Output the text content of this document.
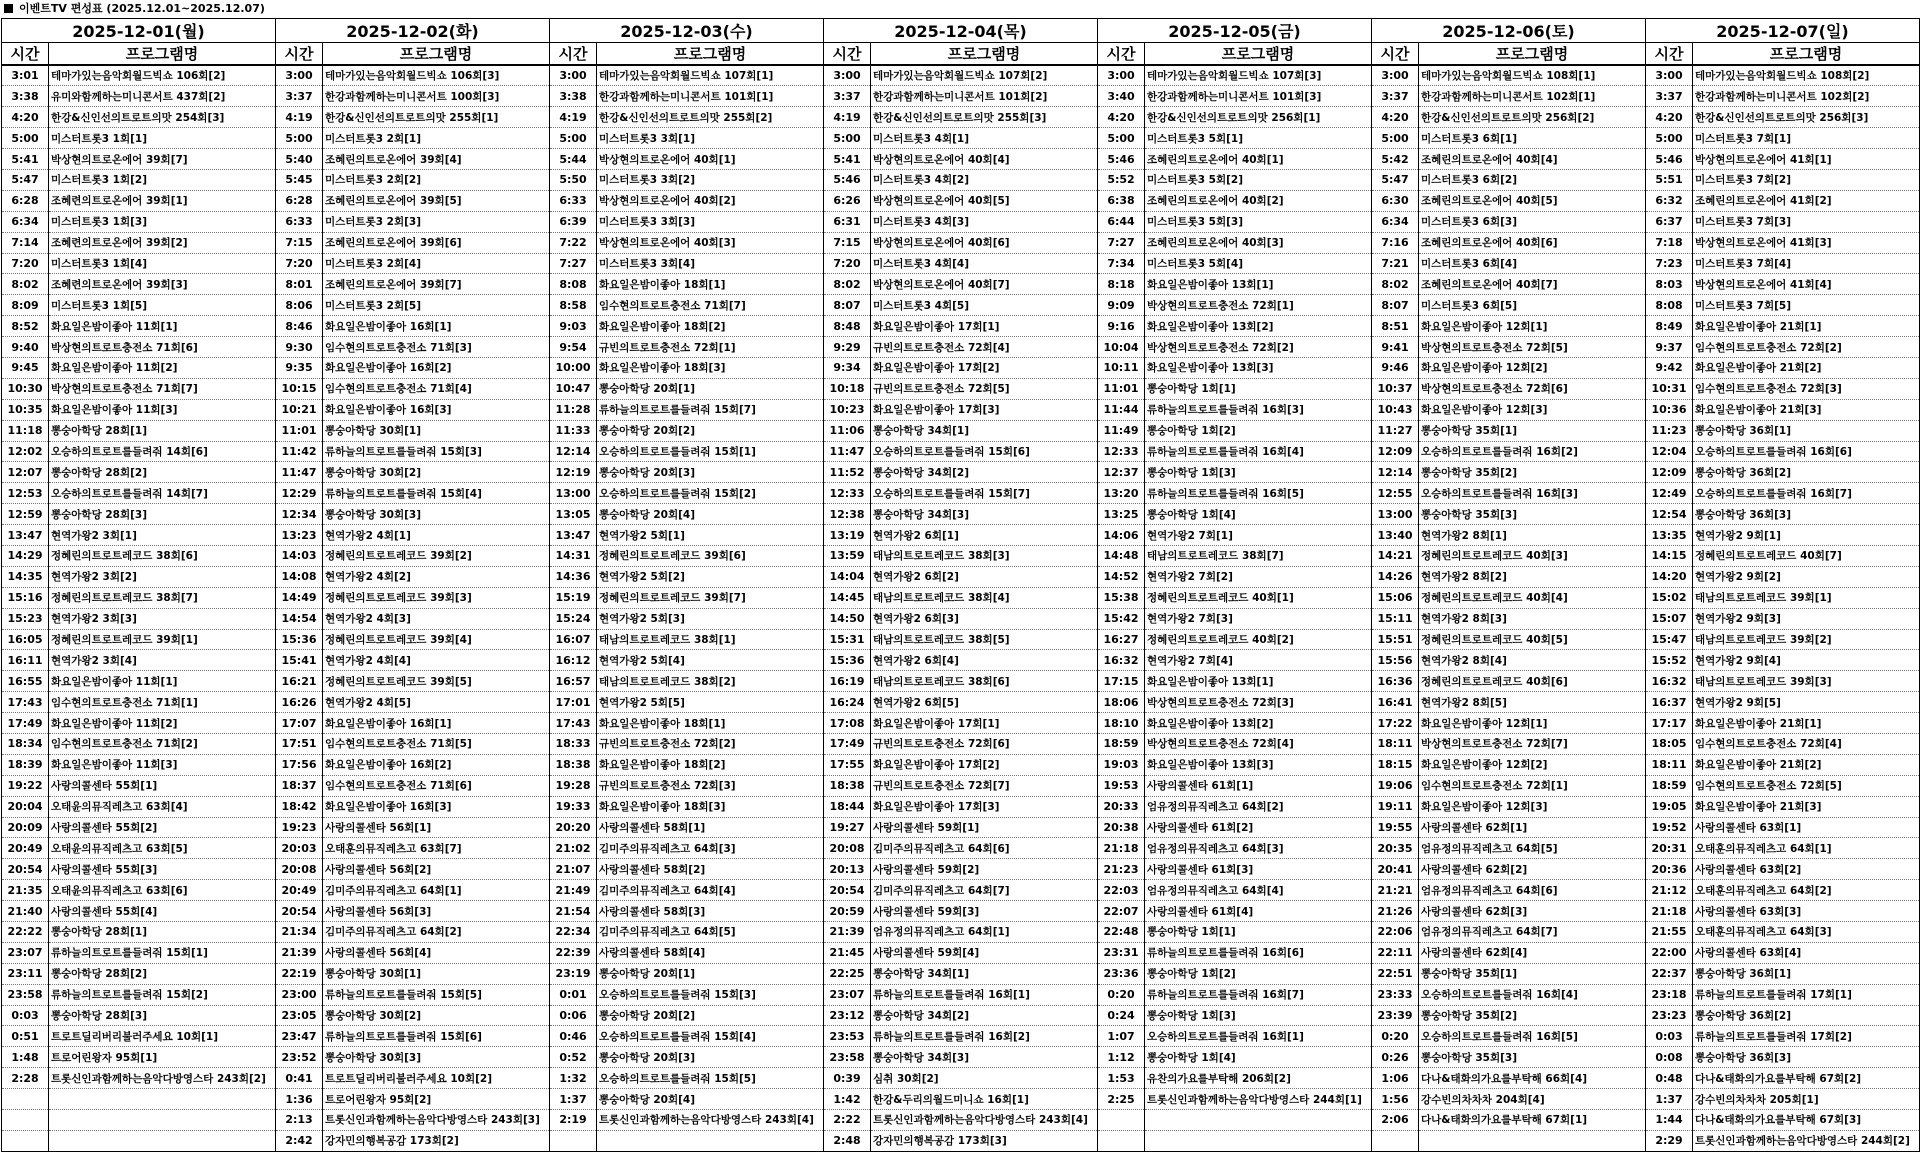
이벤트TV 편성표 (2025.12.01~2025.12.07)
2025-12-01(월)		2025-12-02(화)		2025-12-03(수)		2025-12-04(목)		2025-12-05(금)		2025-12-06(토)		2025-12-07(일)	
시간	프로그램명	시간	프로그램명	시간	프로그램명	시간	프로그램명	시간	프로그램명	시간	프로그램명	시간	프로그램명
3:01	테마가있는음악회월드빅쇼 106회[2]	3:00	테마가있는음악회월드빅쇼 106회[3]	3:00	테마가있는음악회월드빅쇼 107회[1]	3:00	테마가있는음악회월드빅쇼 107회[2]	3:00	테마가있는음악회월드빅쇼 107회[3]	3:00	테마가있는음악회월드빅쇼 108회[1]	3:00	테마가있는음악회월드빅쇼 108회[2]
3:38	유미와함께하는미니콘서트 437회[2]	3:37	한강과함께하는미니콘서트 100회[3]	3:38	한강과함께하는미니콘서트 101회[1]	3:37	한강과함께하는미니콘서트 101회[2]	3:40	한강과함께하는미니콘서트 101회[3]	3:37	한강과함께하는미니콘서트 102회[1]	3:37	한강과함께하는미니콘서트 102회[2]
4:20	한강&신인선의트로트의맛 254회[3]	4:19	한강&신인선의트로트의맛 255회[1]	4:19	한강&신인선의트로트의맛 255회[2]	4:19	한강&신인선의트로트의맛 255회[3]	4:20	한강&신인선의트로트의맛 256회[1]	4:20	한강&신인선의트로트의맛 256회[2]	4:20	한강&신인선의트로트의맛 256회[3]
5:00	미스터트롯3 1회[1]	5:00	미스터트롯3 2회[1]	5:00	미스터트롯3 3회[1]	5:00	미스터트롯3 4회[1]	5:00	미스터트롯3 5회[1]	5:00	미스터트롯3 6회[1]	5:00	미스터트롯3 7회[1]
5:41	박상현의트로온에어 39회[7]	5:40	조혜린의트로온에어 39회[4]	5:44	박상현의트로온에어 40회[1]	5:41	박상현의트로온에어 40회[4]	5:46	조혜린의트로온에어 40회[1]	5:42	조혜린의트로온에어 40회[4]	5:46	박상현의트로온에어 41회[1]
5:47	미스터트롯3 1회[2]	5:45	미스터트롯3 2회[2]	5:50	미스터트롯3 3회[2]	5:46	미스터트롯3 4회[2]	5:52	미스터트롯3 5회[2]	5:47	미스터트롯3 6회[2]	5:51	미스터트롯3 7회[2]
6:28	조혜련의트로온에어 39회[1]	6:28	조혜린의트로온에어 39회[5]	6:33	박상현의트로온에어 40회[2]	6:26	박상현의트로온에어 40회[5]	6:38	조혜린의트로온에어 40회[2]	6:30	조혜린의트로온에어 40회[5]	6:32	조혜린의트로온에어 41회[2]
6:34	미스터트롯3 1회[3]	6:33	미스터트롯3 2회[3]	6:39	미스터트롯3 3회[3]	6:31	미스터트롯3 4회[3]	6:44	미스터트롯3 5회[3]	6:34	미스터트롯3 6회[3]	6:37	미스터트롯3 7회[3]
7:14	조혜련의트로온에어 39회[2]	7:15	조혜린의트로온에어 39회[6]	7:22	박상현의트로온에어 40회[3]	7:15	박상현의트로온에어 40회[6]	7:27	조혜린의트로온에어 40회[3]	7:16	조혜린의트로온에어 40회[6]	7:18	박상현의트로온에어 41회[3]
7:20	미스터트롯3 1회[4]	7:20	미스터트롯3 2회[4]	7:27	미스터트롯3 3회[4]	7:20	미스터트롯3 4회[4]	7:34	미스터트롯3 5회[4]	7:21	미스터트롯3 6회[4]	7:23	미스터트롯3 7회[4]
8:02	조혜련의트로온에어 39회[3]	8:01	조혜린의트로온에어 39회[7]	8:08	화요일은밤이좋아 18회[1]	8:02	박상현의트로온에어 40회[7]	8:18	화요일은밤이좋아 13회[1]	8:02	조혜린의트로온에어 40회[7]	8:03	박상현의트로온에어 41회[4]
8:09	미스터트롯3 1회[5]	8:06	미스터트롯3 2회[5]	8:58	임수현의트로트충전소 71회[7]	8:07	미스터트롯3 4회[5]	9:09	박상현의트로트충전소 72회[1]	8:07	미스터트롯3 6회[5]	8:08	미스터트롯3 7회[5]
8:52	화요일은밤이좋아 11회[1]	8:46	화요일은밤이좋아 16회[1]	9:03	화요일은밤이좋아 18회[2]	8:48	화요일은밤이좋아 17회[1]	9:16	화요일은밤이좋아 13회[2]	8:51	화요일은밤이좋아 12회[1]	8:49	화요일은밤이좋아 21회[1]
9:40	박상현의트로트충전소 71회[6]	9:30	임수현의트로트충전소 71회[3]	9:54	규빈의트로트충전소 72회[1]	9:29	규빈의트로트충전소 72회[4]	10:04	박상현의트로트충전소 72회[2]	9:41	박상현의트로트충전소 72회[5]	9:37	임수현의트로트충전소 72회[2]
9:45	화요일은밤이좋아 11회[2]	9:35	화요일은밤이좋아 16회[2]	10:00	화요일은밤이좋아 18회[3]	9:34	화요일은밤이좋아 17회[2]	10:11	화요일은밤이좋아 13회[3]	9:46	화요일은밤이좋아 12회[2]	9:42	화요일은밤이좋아 21회[2]
10:30	박상현의트로트충전소 71회[7]	10:15	임수현의트로트충전소 71회[4]	10:47	뽕숭아학당 20회[1]	10:18	규빈의트로트충전소 72회[5]	11:01	뽕숭아학당 1회[1]	10:37	박상현의트로트충전소 72회[6]	10:31	임수현의트로트충전소 72회[3]
10:35	화요일은밤이좋아 11회[3]	10:21	화요일은밤이좋아 16회[3]	11:28	류하늘의트로트를들려줘 15회[7]	10:23	화요일은밤이좋아 17회[3]	11:44	류하늘의트로트를들려줘 16회[3]	10:43	화요일은밤이좋아 12회[3]	10:36	화요일은밤이좋아 21회[3]
11:18	뽕숭아학당 28회[1]	11:01	뽕숭아학당 30회[1]	11:33	뽕숭아학당 20회[2]	11:06	뽕숭아학당 34회[1]	11:49	뽕숭아학당 1회[2]	11:27	뽕숭아학당 35회[1]	11:23	뽕숭아학당 36회[1]
12:02	오승하의트로트를들려줘 14회[6]	11:42	류하늘의트로트를들려줘 15회[3]	12:14	오승하의트로트를들려줘 15회[1]	11:47	오승하의트로트를들려줘 15회[6]	12:33	류하늘의트로트를들려줘 16회[4]	12:09	오승하의트로트를들려줘 16회[2]	12:04	오승하의트로트를들려줘 16회[6]
12:07	뽕숭아학당 28회[2]	11:47	뽕숭아학당 30회[2]	12:19	뽕숭아학당 20회[3]	11:52	뽕숭아학당 34회[2]	12:37	뽕숭아학당 1회[3]	12:14	뽕숭아학당 35회[2]	12:09	뽕숭아학당 36회[2]
12:53	오승하의트로트를들려줘 14회[7]	12:29	류하늘의트로트를들려줘 15회[4]	13:00	오승하의트로트를들려줘 15회[2]	12:33	오승하의트로트를들려줘 15회[7]	13:20	류하늘의트로트를들려줘 16회[5]	12:55	오승하의트로트를들려줘 16회[3]	12:49	오승하의트로트를들려줘 16회[7]
12:59	뽕숭아학당 28회[3]	12:34	뽕숭아학당 30회[3]	13:05	뽕숭아학당 20회[4]	12:38	뽕숭아학당 34회[3]	13:25	뽕숭아학당 1회[4]	13:00	뽕숭아학당 35회[3]	12:54	뽕숭아학당 36회[3]
13:47	현역가왕2 3회[1]	13:23	현역가왕2 4회[1]	13:47	현역가왕2 5회[1]	13:19	현역가왕2 6회[1]	14:06	현역가왕2 7회[1]	13:40	현역가왕2 8회[1]	13:35	현역가왕2 9회[1]
14:29	정혜린의트로트레코드 38회[6]	14:03	정혜린의트로트레코드 39회[2]	14:31	정혜린의트로트레코드 39회[6]	13:59	태남의트로트레코드 38회[3]	14:48	태남의트로트레코드 38회[7]	14:21	정혜린의트로트레코드 40회[3]	14:15	정혜린의트로트레코드 40회[7]
14:35	현역가왕2 3회[2]	14:08	현역가왕2 4회[2]	14:36	현역가왕2 5회[2]	14:04	현역가왕2 6회[2]	14:52	현역가왕2 7회[2]	14:26	현역가왕2 8회[2]	14:20	현역가왕2 9회[2]
15:16	정혜린의트로트레코드 38회[7]	14:49	정혜린의트로트레코드 39회[3]	15:19	정혜린의트로트레코드 39회[7]	14:45	태남의트로트레코드 38회[4]	15:38	정혜린의트로트레코드 40회[1]	15:06	정혜린의트로트레코드 40회[4]	15:02	태남의트로트레코드 39회[1]
15:23	현역가왕2 3회[3]	14:54	현역가왕2 4회[3]	15:24	현역가왕2 5회[3]	14:50	현역가왕2 6회[3]	15:42	현역가왕2 7회[3]	15:11	현역가왕2 8회[3]	15:07	현역가왕2 9회[3]
16:05	정혜린의트로트레코드 39회[1]	15:36	정혜린의트로트레코드 39회[4]	16:07	태남의트로트레코드 38회[1]	15:31	태남의트로트레코드 38회[5]	16:27	정혜린의트로트레코드 40회[2]	15:51	정혜린의트로트레코드 40회[5]	15:47	태남의트로트레코드 39회[2]
16:11	현역가왕2 3회[4]	15:41	현역가왕2 4회[4]	16:12	현역가왕2 5회[4]	15:36	현역가왕2 6회[4]	16:32	현역가왕2 7회[4]	15:56	현역가왕2 8회[4]	15:52	현역가왕2 9회[4]
16:55	화요일은밤이좋아 11회[1]	16:21	정혜린의트로트레코드 39회[5]	16:57	태남의트로트레코드 38회[2]	16:19	태남의트로트레코드 38회[6]	17:15	화요일은밤이좋아 13회[1]	16:36	정혜린의트로트레코드 40회[6]	16:32	태남의트로트레코드 39회[3]
17:43	임수현의트로트충전소 71회[1]	16:26	현역가왕2 4회[5]	17:01	현역가왕2 5회[5]	16:24	현역가왕2 6회[5]	18:06	박상현의트로트충전소 72회[3]	16:41	현역가왕2 8회[5]	16:37	현역가왕2 9회[5]
17:49	화요일은밤이좋아 11회[2]	17:07	화요일은밤이좋아 16회[1]	17:43	화요일은밤이좋아 18회[1]	17:08	화요일은밤이좋아 17회[1]	18:10	화요일은밤이좋아 13회[2]	17:22	화요일은밤이좋아 12회[1]	17:17	화요일은밤이좋아 21회[1]
18:34	임수현의트로트충전소 71회[2]	17:51	임수현의트로트충전소 71회[5]	18:33	규빈의트로트충전소 72회[2]	17:49	규빈의트로트충전소 72회[6]	18:59	박상현의트로트충전소 72회[4]	18:11	박상현의트로트충전소 72회[7]	18:05	임수현의트로트충전소 72회[4]
18:39	화요일은밤이좋아 11회[3]	17:56	화요일은밤이좋아 16회[2]	18:38	화요일은밤이좋아 18회[2]	17:55	화요일은밤이좋아 17회[2]	19:03	화요일은밤이좋아 13회[3]	18:15	화요일은밤이좋아 12회[2]	18:11	화요일은밤이좋아 21회[2]
19:22	사랑의콜센타 55회[1]	18:37	임수현의트로트충전소 71회[6]	19:28	규빈의트로트충전소 72회[3]	18:38	규빈의트로트충전소 72회[7]	19:53	사랑의콜센타 61회[1]	19:06	임수현의트로트충전소 72회[1]	18:59	임수현의트로트충전소 72회[5]
20:04	오태윤의뮤직레츠고 63회[4]	18:42	화요일은밤이좋아 16회[3]	19:33	화요일은밤이좋아 18회[3]	18:44	화요일은밤이좋아 17회[3]	20:33	엄유정의뮤직레츠고 64회[2]	19:11	화요일은밤이좋아 12회[3]	19:05	화요일은밤이좋아 21회[3]
20:09	사랑의콜센타 55회[2]	19:23	사랑의콜센타 56회[1]	20:20	사랑의콜센타 58회[1]	19:27	사랑의콜센타 59회[1]	20:38	사랑의콜센타 61회[2]	19:55	사랑의콜센타 62회[1]	19:52	사랑의콜센타 63회[1]
20:49	오태윤의뮤직레츠고 63회[5]	20:03	오태훈의뮤직레츠고 63회[7]	21:02	김미주의뮤직레츠고 64회[3]	20:08	김미주의뮤직레츠고 64회[6]	21:18	엄유정의뮤직레츠고 64회[3]	20:35	엄유정의뮤직레츠고 64회[5]	20:31	오태훈의뮤직레츠고 64회[1]
20:54	사랑의콜센타 55회[3]	20:08	사랑의콜센타 56회[2]	21:07	사랑의콜센타 58회[2]	20:13	사랑의콜센타 59회[2]	21:23	사랑의콜센타 61회[3]	20:41	사랑의콜센타 62회[2]	20:36	사랑의콜센타 63회[2]
21:35	오태윤의뮤직레츠고 63회[6]	20:49	김미주의뮤직레츠고 64회[1]	21:49	김미주의뮤직레츠고 64회[4]	20:54	김미주의뮤직레츠고 64회[7]	22:03	엄유정의뮤직레츠고 64회[4]	21:21	엄유정의뮤직레츠고 64회[6]	21:12	오태훈의뮤직레츠고 64회[2]
21:40	사랑의콜센타 55회[4]	20:54	사랑의콜센타 56회[3]	21:54	사랑의콜센타 58회[3]	20:59	사랑의콜센타 59회[3]	22:07	사랑의콜센타 61회[4]	21:26	사랑의콜센타 62회[3]	21:18	사랑의콜센타 63회[3]
22:22	뽕숭아학당 28회[1]	21:34	김미주의뮤직레츠고 64회[2]	22:34	김미주의뮤직레츠고 64회[5]	21:39	엄유정의뮤직레츠고 64회[1]	22:48	뽕숭아학당 1회[1]	22:06	엄유정의뮤직레츠고 64회[7]	21:55	오태훈의뮤직레츠고 64회[3]
23:07	류하늘의트로트를들려줘 15회[1]	21:39	사랑의콜센타 56회[4]	22:39	사랑의콜센타 58회[4]	21:45	사랑의콜센타 59회[4]	23:31	류하늘의트로트를들려줘 16회[6]	22:11	사랑의콜센타 62회[4]	22:00	사랑의콜센타 63회[4]
23:11	뽕숭아학당 28회[2]	22:19	뽕숭아학당 30회[1]	23:19	뽕숭아학당 20회[1]	22:25	뽕숭아학당 34회[1]	23:36	뽕숭아학당 1회[2]	22:51	뽕숭아학당 35회[1]	22:37	뽕숭아학당 36회[1]
23:58	류하늘의트로트를들려줘 15회[2]	23:00	류하늘의트로트를들려줘 15회[5]	0:01	오승하의트로트를들려줘 15회[3]	23:07	류하늘의트로트를들려줘 16회[1]	0:20	류하늘의트로트를들려줘 16회[7]	23:33	오승하의트로트를들려줘 16회[4]	23:18	류하늘의트로트를들려줘 17회[1]
0:03	뽕숭아학당 28회[3]	23:05	뽕숭아학당 30회[2]	0:06	뽕숭아학당 20회[2]	23:12	뽕숭아학당 34회[2]	0:24	뽕숭아학당 1회[3]	23:39	뽕숭아학당 35회[2]	23:23	뽕숭아학당 36회[2]
0:51	트로트딜리버리불러주세요 10회[1]	23:47	류하늘의트로트를들려줘 15회[6]	0:46	오승하의트로트를들려줘 15회[4]	23:53	류하늘의트로트를들려줘 16회[2]	1:07	오승하의트로트를들려줘 16회[1]	0:20	오승하의트로트를들려줘 16회[5]	0:03	류하늘의트로트를들려줘 17회[2]
1:48	트로어린왕자 95회[1]	23:52	뽕숭아학당 30회[3]	0:52	뽕숭아학당 20회[3]	23:58	뽕숭아학당 34회[3]	1:12	뽕숭아학당 1회[4]	0:26	뽕숭아학당 35회[3]	0:08	뽕숭아학당 36회[3]
2:28	트롯신인과함께하는음악다방영스타 243회[2]	0:41	트로트딜리버리불러주세요 10회[2]	1:32	오승하의트로트를들려줘 15회[5]	0:39	심취 30회[2]	1:53	유찬의가요를부탁해 206회[2]	1:06	다나&태화의가요를부탁해 66회[4]	0:48	다나&태화의가요를부탁해 67회[2]
		1:36	트로어린왕자 95회[2]	1:37	뽕숭아학당 20회[4]	1:42	한강&두리의월드미니쇼 16회[1]	2:25	트롯신인과함께하는음악다방영스타 244회[1]	1:56	강수빈의차차차 204회[4]	1:37	강수빈의차차차 205회[1]
		2:13	트롯신인과함께하는음악다방영스타 243회[3]	2:19	트롯신인과함께하는음악다방영스타 243회[4]	2:22	트롯신인과함께하는음악다방영스타 243회[4]			2:06	다나&태화의가요를부탁해 67회[1]	1:44	다나&태화의가요를부탁해 67회[3]
		2:42	강자민의행복공감 173회[2]			2:48	강자민의행복공감 173회[3]					2:29	트롯신인과함께하는음악다방영스타 244회[2]
